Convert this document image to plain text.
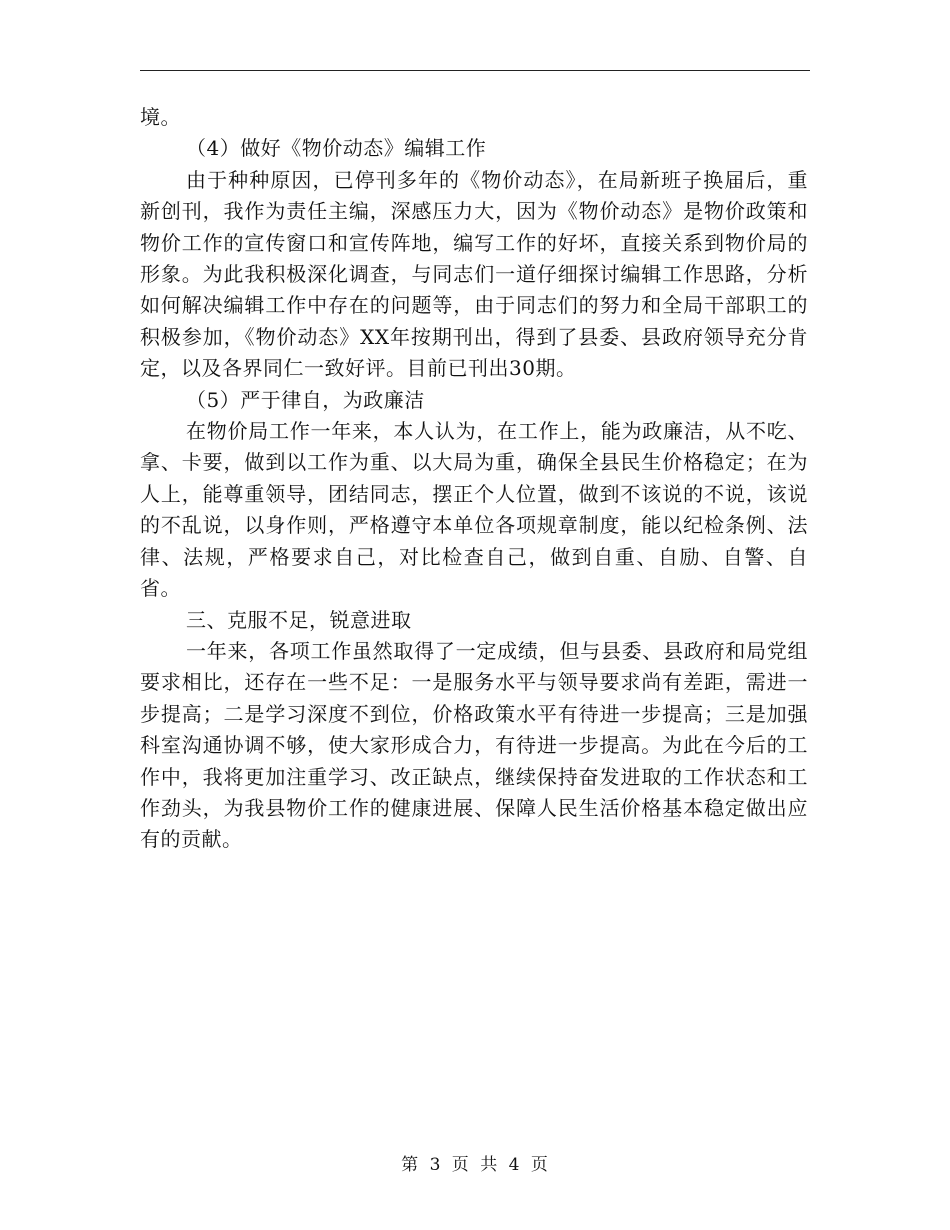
境。

（4）做好《物价动态》编辑工作

由于种种原因，已停刊多年的《物价动态》，在局新班子换届后，重新创刊，我作为责任主编，深感压力大，因为《物价动态》是物价政策和物价工作的宣传窗口和宣传阵地，编写工作的好坏，直接关系到物价局的形象。为此我积极深化调查，与同志们一道仔细探讨编辑工作思路，分析如何解决编辑工作中存在的问题等，由于同志们的努力和全局干部职工的积极参加，《物价动态》XX年按期刊出，得到了县委、县政府领导充分肯定，以及各界同仁一致好评。目前已刊出30期。

（5）严于律自，为政廉洁

在物价局工作一年来，本人认为，在工作上，能为政廉洁，从不吃、拿、卡要，做到以工作为重、以大局为重，确保全县民生价格稳定；在为人上，能尊重领导，团结同志，摆正个人位置，做到不该说的不说，该说的不乱说，以身作则，严格遵守本单位各项规章制度，能以纪检条例、法律、法规，严格要求自己，对比检查自己，做到自重、自励、自警、自省。

三、克服不足，锐意进取

一年来，各项工作虽然取得了一定成绩，但与县委、县政府和局党组要求相比，还存在一些不足：一是服务水平与领导要求尚有差距，需进一步提高；二是学习深度不到位，价格政策水平有待进一步提高；三是加强科室沟通协调不够，使大家形成合力，有待进一步提高。为此在今后的工作中，我将更加注重学习、改正缺点，继续保持奋发进取的工作状态和工作劲头，为我县物价工作的健康进展、保障人民生活价格基本稳定做出应有的贡献。

第 3 页 共 4 页
